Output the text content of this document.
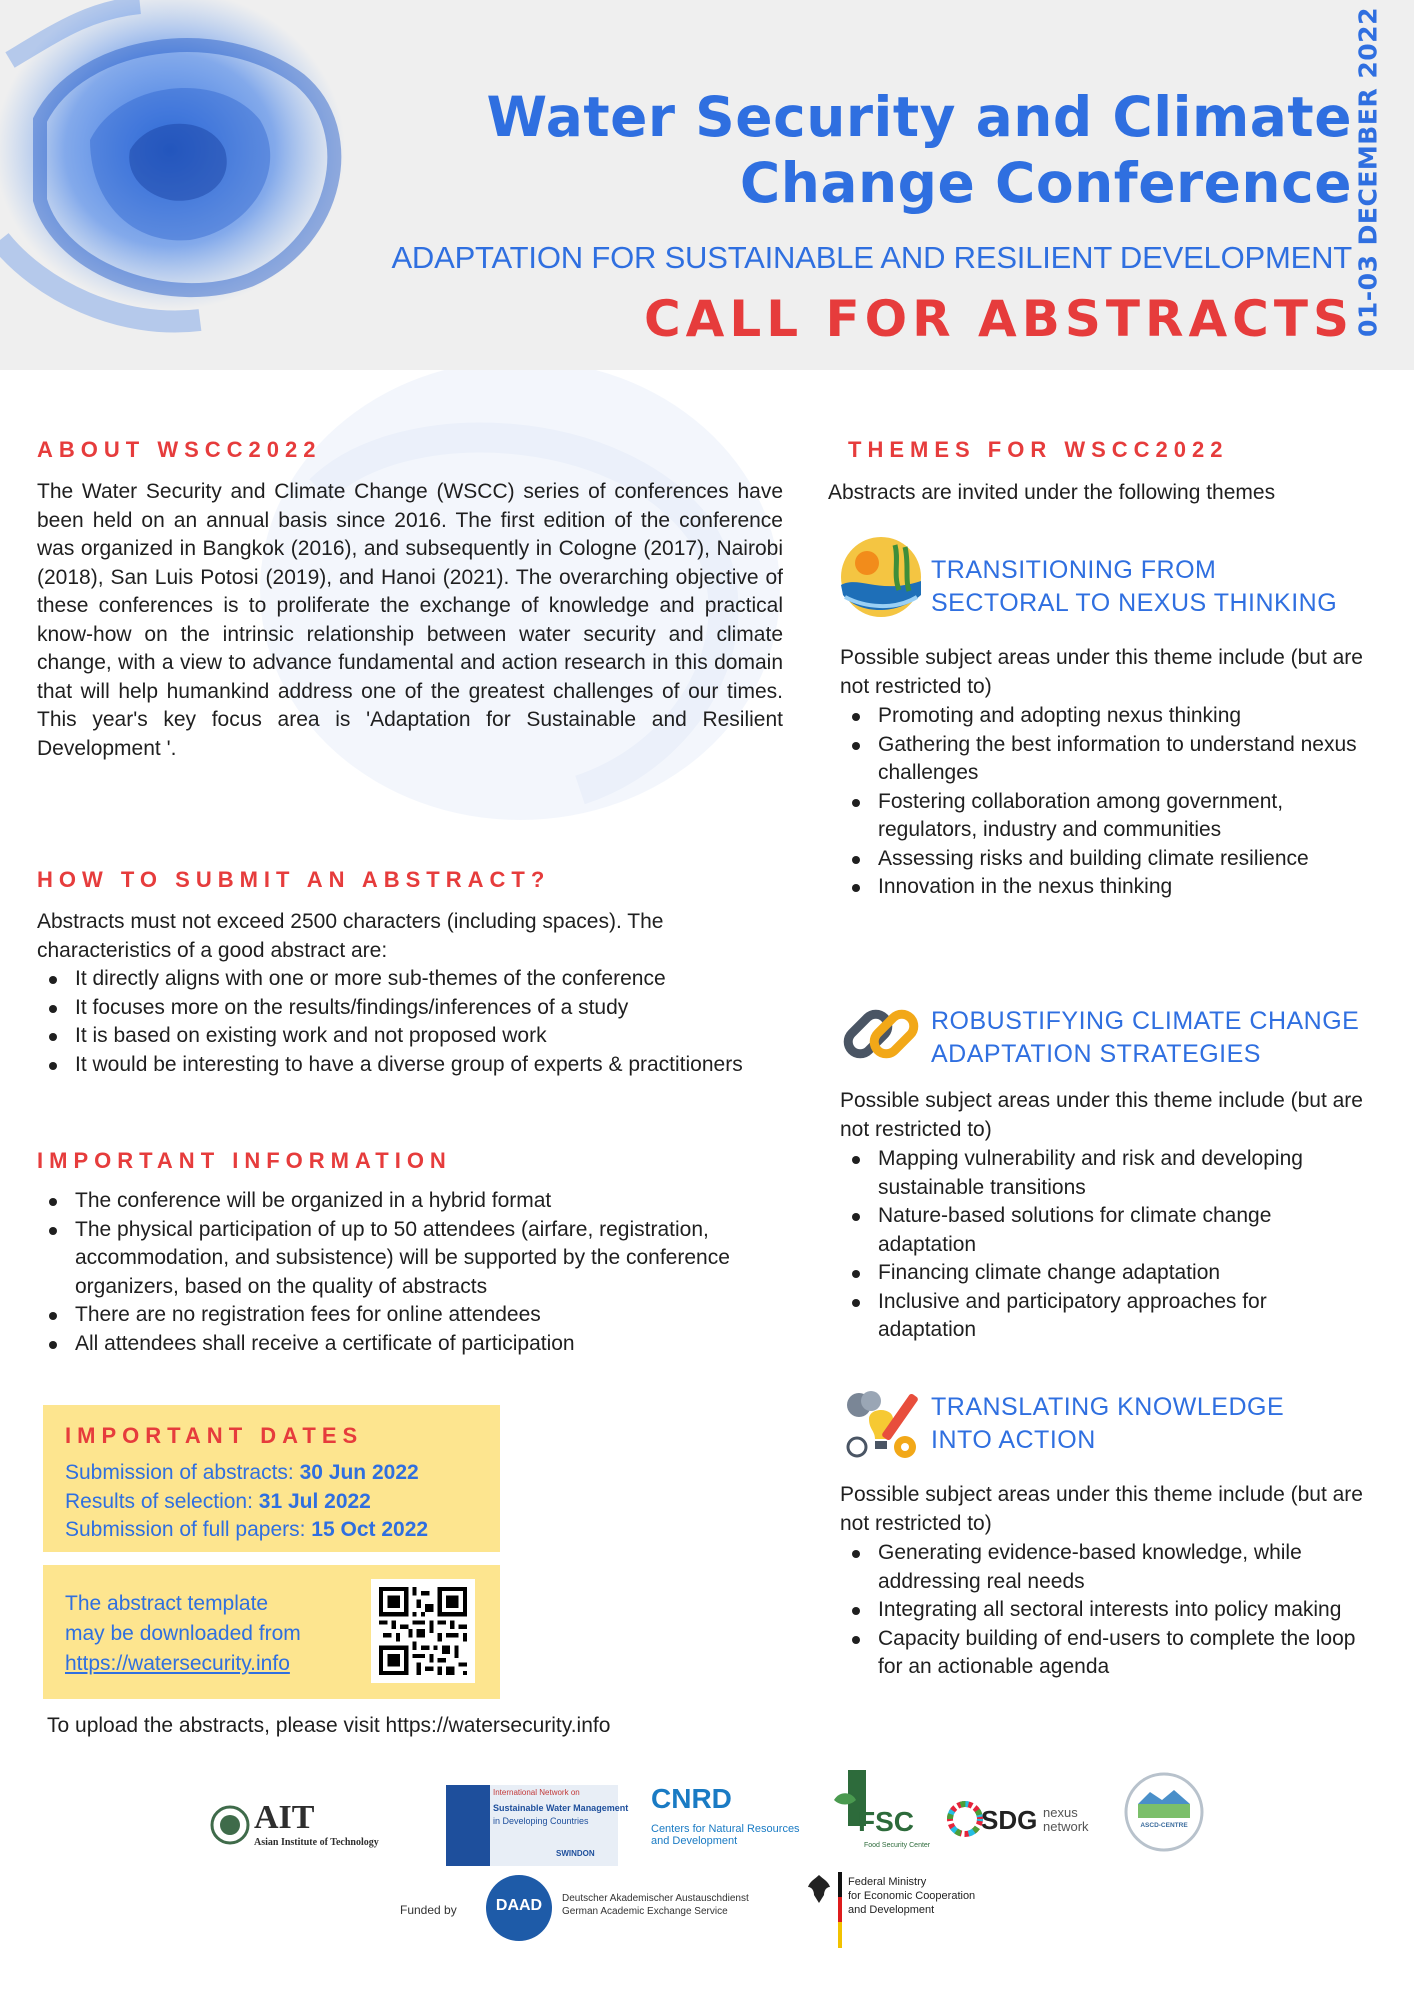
Water Security and Climate
Change Conference
ADAPTATION FOR SUSTAINABLE AND RESILIENT DEVELOPMENT
CALL FOR ABSTRACTS 01-03 DECEMBER 2022
ABOUT WSCC2022
The Water Security and Climate Change (WSCC) series of conferences have been held on an annual basis since 2016. The first edition of the conference was organized in Bangkok (2016), and subsequently in Cologne (2017), Nairobi (2018), San Luis Potosi (2019), and Hanoi (2021). The overarching objective of these conferences is to proliferate the exchange of knowledge and practical know-how on the intrinsic relationship between water security and climate change, with a view to advance fundamental and action research in this domain that will help humankind address one of the greatest challenges of our times. This year's key focus area is 'Adaptation for Sustainable and Resilient Development '.
HOW TO SUBMIT AN ABSTRACT?
Abstracts must not exceed 2500 characters (including spaces). The characteristics of a good abstract are:
It directly aligns with one or more sub-themes of the conference
It focuses more on the results/findings/inferences of a study
It is based on existing work and not proposed work
It would be interesting to have a diverse group of experts & practitioners
IMPORTANT INFORMATION
The conference will be organized in a hybrid format
The physical participation of up to 50 attendees (airfare, registration, accommodation, and subsistence) will be supported by the conference organizers, based on the quality of abstracts
There are no registration fees for online attendees
All attendees shall receive a certificate of participation
IMPORTANT DATES
Submission of abstracts: 30 Jun 2022
Results of selection: 31 Jul 2022
Submission of full papers: 15 Oct 2022
The abstract template
may be downloaded from
https://watersecurity.info
To upload the abstracts, please visit https://watersecurity.info
THEMES FOR WSCC2022
Abstracts are invited under the following themes
TRANSITIONING FROM
SECTORAL TO NEXUS THINKING
Possible subject areas under this theme include (but are not restricted to)
Promoting and adopting nexus thinking
Gathering the best information to understand nexus challenges
Fostering collaboration among government, regulators, industry and communities
Assessing risks and building climate resilience
Innovation in the nexus thinking
ROBUSTIFYING CLIMATE CHANGE
ADAPTATION STRATEGIES
Possible subject areas under this theme include (but are not restricted to)
Mapping vulnerability and risk and developing sustainable transitions
Nature-based solutions for climate change adaptation
Financing climate change adaptation
Inclusive and participatory approaches for adaptation
TRANSLATING KNOWLEDGE
INTO ACTION
Possible subject areas under this theme include (but are not restricted to)
Generating evidence-based knowledge, while addressing real needs
Integrating all sectoral interests into policy making
Capacity building of end-users to complete the loop for an actionable agenda
AIT
Asian Institute of Technology
International Network on
Sustainable Water Management
in Developing Countries
SWINDON
CNRD
Centers for Natural Resources
and Development
FSC
Food Security Center
SDG nexus
network	ASCD-CENTRE
Funded by	DAAD	Deutscher Akademischer Austauschdienst
German Academic Exchange Service
Federal Ministry
for Economic Cooperation
and Development
